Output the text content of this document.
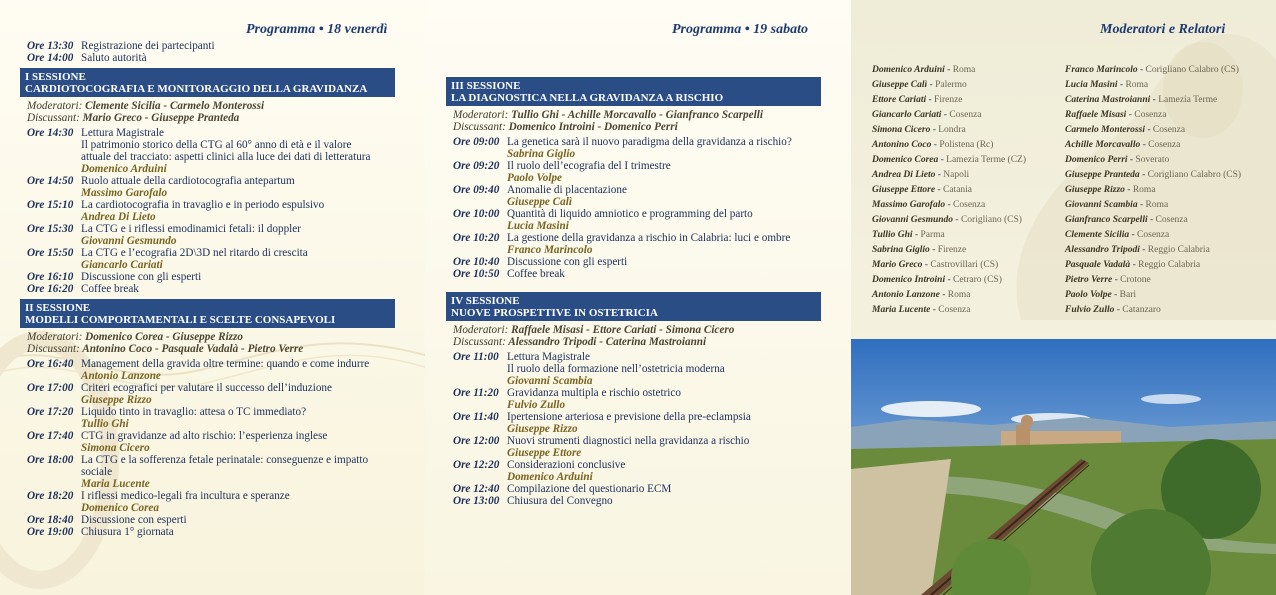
Programma • 18 venerdì
Ore 13:30 Registrazione dei partecipanti
Ore 14:00 Saluto autorità
I SESSIONE
CARDIOTOCOGRAFIA E MONITORAGGIO DELLA GRAVIDANZA
Moderatori: Clemente Sicilia - Carmelo Monterossi
Discussant: Mario Greco - Giuseppe Pranteda
Ore 14:30 Lettura Magistrale
Il patrimonio storico della CTG al 60° anno di età e il valore
attuale del tracciato: aspetti clinici alla luce dei dati di letteratura
Domenico Arduini
Ore 14:50 Ruolo attuale della cardiotocografia antepartum
Massimo Garofalo
Ore 15:10 La cardiotocografia in travaglio e in periodo espulsivo
Andrea Di Lieto
Ore 15:30 La CTG e i riflessi emodinamici fetali: il doppler
Giovanni Gesmundo
Ore 15:50 La CTG e l’ecografia 2D\3D nel ritardo di crescita
Giancarlo Cariati
Ore 16:10 Discussione con gli esperti
Ore 16:20 Coffee break
II SESSIONE
MODELLI COMPORTAMENTALI E SCELTE CONSAPEVOLI
Moderatori: Domenico Corea - Giuseppe Rizzo
Discussant: Antonino Coco - Pasquale Vadalà - Pietro Verre
Ore 16:40 Management della gravida oltre termine: quando e come indurre
Antonio Lanzone
Ore 17:00 Criteri ecografici per valutare il successo dell’induzione
Giuseppe Rizzo
Ore 17:20 Liquido tinto in travaglio: attesa o TC immediato?
Tullio Ghi
Ore 17:40 CTG in gravidanze ad alto rischio: l’esperienza inglese
Simona Cicero
Ore 18:00 La CTG e la sofferenza fetale perinatale: conseguenze e impatto
sociale
Maria Lucente
Ore 18:20 I riflessi medico-legali fra incultura e speranze
Domenico Corea
Ore 18:40 Discussione con esperti
Ore 19:00 Chiusura 1° giornata
Programma • 19 sabato
III SESSIONE
LA DIAGNOSTICA NELLA GRAVIDANZA A RISCHIO
Moderatori: Tullio Ghi - Achille Morcavallo - Gianfranco Scarpelli
Discussant: Domenico Introini - Domenico Perri
Ore 09:00 La genetica sarà il nuovo paradigma della gravidanza a rischio?
Sabrina Giglio
Ore 09:20 Il ruolo dell’ecografia del I trimestre
Paolo Volpe
Ore 09:40 Anomalie di placentazione
Giuseppe Calì
Ore 10:00 Quantità di liquido amniotico e programming del parto
Lucia Masini
Ore 10:20 La gestione della gravidanza a rischio in Calabria: luci e ombre
Franco Marincolo
Ore 10:40 Discussione con gli esperti
Ore 10:50 Coffee break
IV SESSIONE
NUOVE PROSPETTIVE IN OSTETRICIA
Moderatori: Raffaele Misasi - Ettore Cariati - Simona Cicero
Discussant: Alessandro Tripodi - Caterina Mastroianni
Ore 11:00 Lettura Magistrale
Il ruolo della formazione nell’ostetricia moderna
Giovanni Scambia
Ore 11:20 Gravidanza multipla e rischio ostetrico
Fulvio Zullo
Ore 11:40 Ipertensione arteriosa e previsione della pre-eclampsia
Giuseppe Rizzo
Ore 12:00 Nuovi strumenti diagnostici nella gravidanza a rischio
Giuseppe Ettore
Ore 12:20 Considerazioni conclusive
Domenico Arduini
Ore 12:40 Compilazione del questionario ECM
Ore 13:00 Chiusura del Convegno
Moderatori e Relatori
Domenico Arduini - Roma
Giuseppe Calì - Palermo
Ettore Cariati - Firenze
Giancarlo Cariati - Cosenza
Simona Cicero - Londra
Antonino Coco - Polistena (Rc)
Domenico Corea - Lamezia Terme (CZ)
Andrea Di Lieto - Napoli
Giuseppe Ettore - Catania
Massimo Garofalo - Cosenza
Giovanni Gesmundo - Corigliano (CS)
Tullio Ghi - Parma
Sabrina Giglio - Firenze
Mario Greco - Castrovillari (CS)
Domenico Introini - Cetraro (CS)
Antonio Lanzone - Roma
Maria Lucente - Cosenza
Franco Marincolo - Corigliano Calabro (CS)
Lucia Masini - Roma
Caterina Mastroianni - Lamezia Terme
Raffaele Misasi - Cosenza
Carmelo Monterossi - Cosenza
Achille Morcavallo - Cosenza
Domenico Perri - Soverato
Giuseppe Pranteda - Corigliano Calabro (CS)
Giuseppe Rizzo - Roma
Giovanni Scambia - Roma
Gianfranco Scarpelli - Cosenza
Clemente Sicilia - Cosenza
Alessandro Tripodi - Reggio Calabria
Pasquale Vadalà - Reggio Calabria
Pietro Verre - Crotone
Paolo Volpe - Bari
Fulvio Zullo - Catanzaro
